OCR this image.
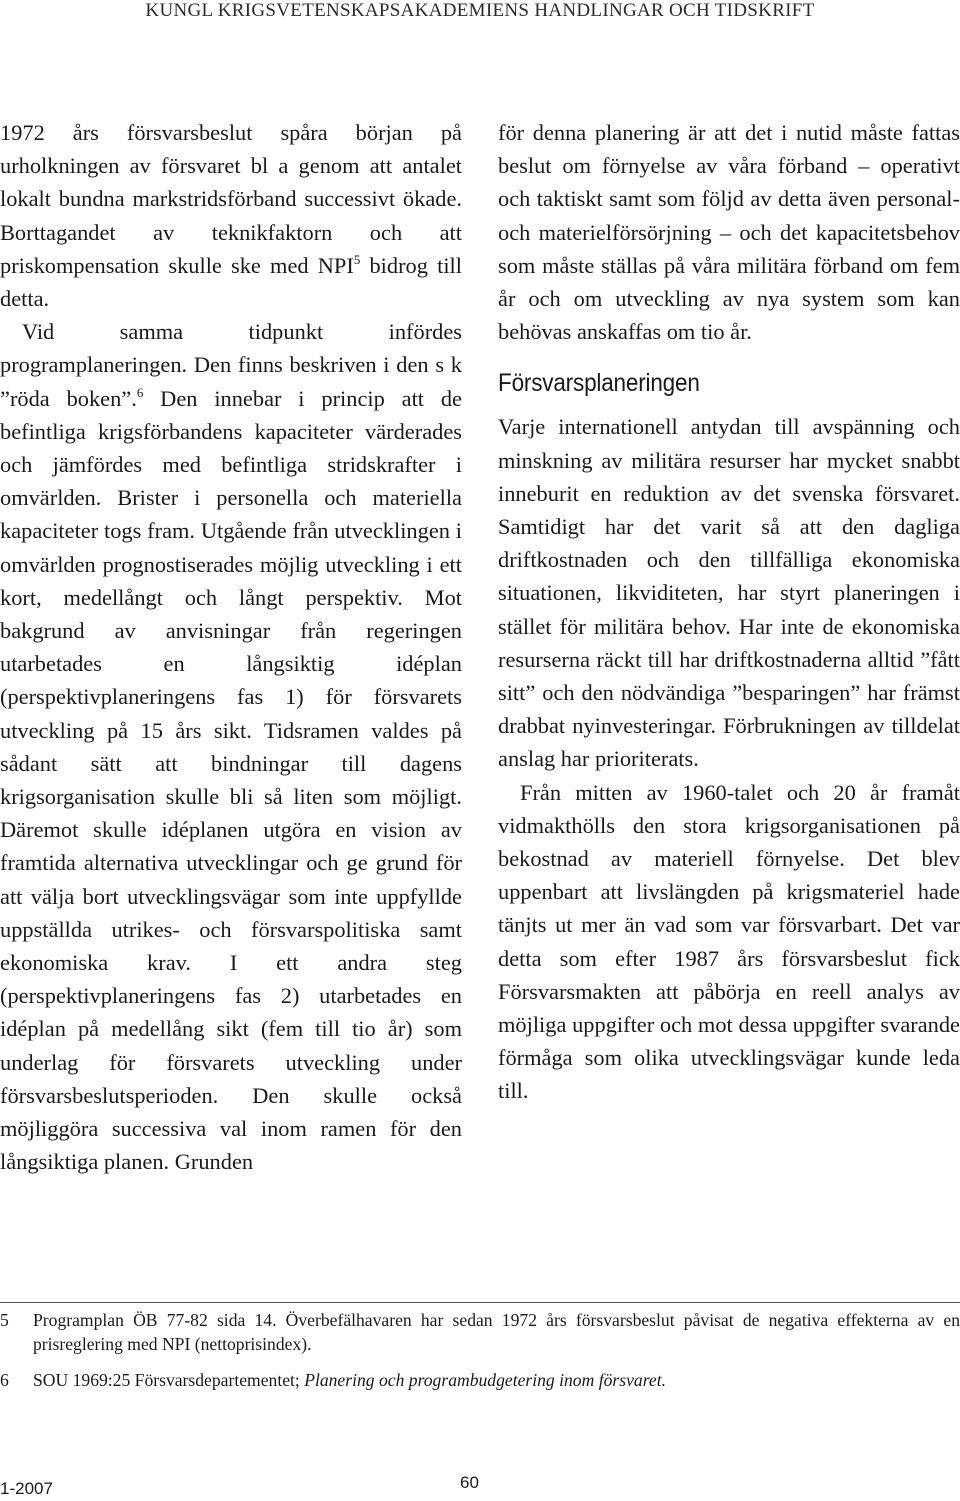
KUNGL KRIGSVETENSKAPSAKADEMIENS HANDLINGAR OCH TIDSKRIFT

1972 års försvarsbeslut spåra början på urholkningen av försvaret bl a genom att antalet lokalt bundna markstridsförband successivt ökade. Borttagandet av teknikfaktorn och att priskompensation skulle ske med NPI$^5$ bidrog till detta.

Vid samma tidpunkt infördes programplaneringen. Den finns beskriven i den s k ”röda boken”.$^6$ Den innebar i princip att de befintliga krigsförbandens kapaciteter värderades och jämfördes med befintliga stridskrafter i omvärlden. Brister i personella och materiella kapaciteter togs fram. Utgående från utvecklingen i omvärlden prognostiserades möjlig utveckling i ett kort, medellångt och långt perspektiv. Mot bakgrund av anvisningar från regeringen utarbetades en långsiktig idéplan (perspektivplaneringens fas 1) för försvarets utveckling på 15 års sikt. Tidsramen valdes på sådant sätt att bindningar till dagens krigsorganisation skulle bli så liten som möjligt. Däremot skulle idéplanen utgöra en vision av framtida alternativa utvecklingar och ge grund för att välja bort utvecklingsvägar som inte uppfyllde uppställda utrikes- och försvarspolitiska samt ekonomiska krav. I ett andra steg (perspektivplaneringens fas 2) utarbetades en idéplan på medellång sikt (fem till tio år) som underlag för försvarets utveckling under försvarsbeslutsperioden. Den skulle också möjliggöra successiva val inom ramen för den långsiktiga planen. Grunden

för denna planering är att det i nutid måste fattas beslut om förnyelse av våra förband – operativt och taktiskt samt som följd av detta även personal- och materielförsörjning – och det kapacitetsbehov som måste ställas på våra militära förband om fem år och om utveckling av nya system som kan behövas anskaffas om tio år.

Försvarsplaneringen

Varje internationell antydan till avspänning och minskning av militära resurser har mycket snabbt inneburit en reduktion av det svenska försvaret. Samtidigt har det varit så att den dagliga driftkostnaden och den tillfälliga ekonomiska situationen, likviditeten, har styrt planeringen i stället för militära behov. Har inte de ekonomiska resurserna räckt till har driftkostnaderna alltid ”fått sitt” och den nödvändiga ”besparingen” har främst drabbat nyinvesteringar. Förbrukningen av tilldelat anslag har prioriterats.

Från mitten av 1960-talet och 20 år framåt vidmakthölls den stora krigsorganisationen på bekostnad av materiell förnyelse. Det blev uppenbart att livslängden på krigsmateriel hade tänjts ut mer än vad som var försvarbart. Det var detta som efter 1987 års försvarsbeslut fick Försvarsmakten att påbörja en reell analys av möjliga uppgifter och mot dessa uppgifter svarande förmåga som olika utvecklingsvägar kunde leda till.

5	Programplan ÖB 77-82 sida 14. Överbefälhavaren har sedan 1972 års försvarsbeslut påvisat de negativa effekterna av en prisreglering med NPI (nettoprisindex).
6	SOU 1969:25 Försvarsdepartementet; Planering och programbudgetering inom försvaret.
1-2007	60
